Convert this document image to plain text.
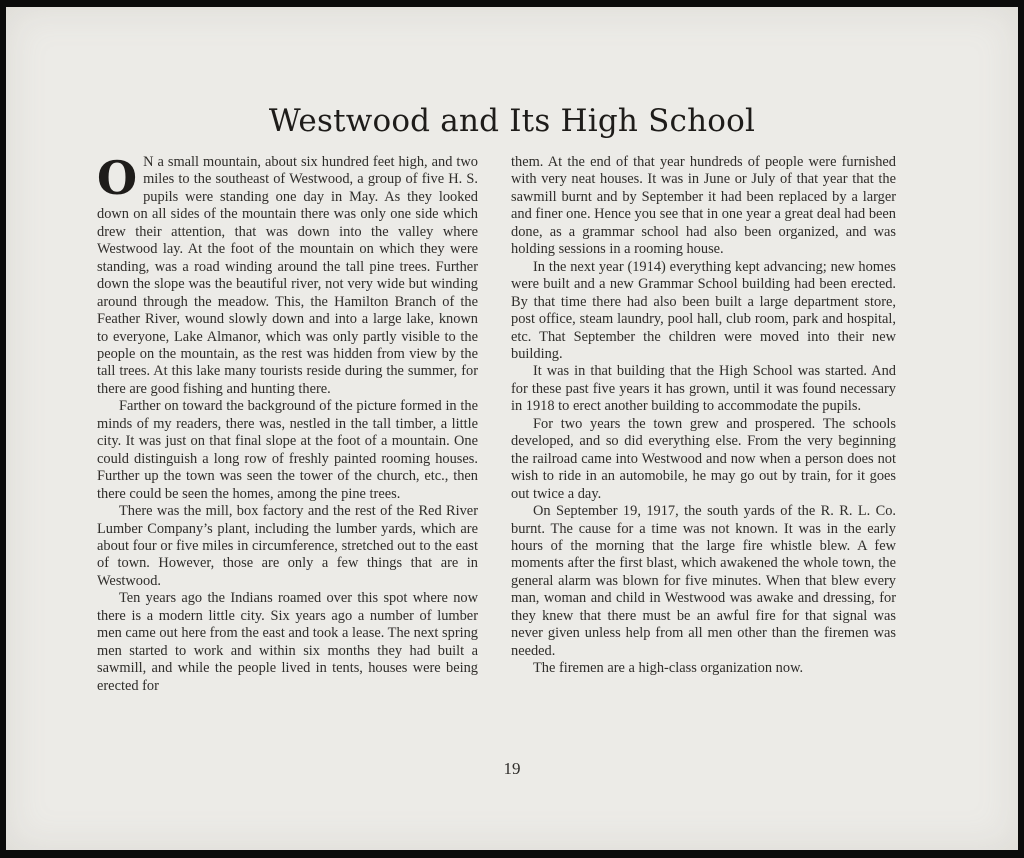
Westwood and Its High School

O N a small mountain, about six hundred feet high, and two miles to the southeast of Westwood, a group of five H. S. pupils were standing one day in May. As they looked down on all sides of the mountain there was only one side which drew their attention, that was down into the valley where Westwood lay. At the foot of the mountain on which they were standing, was a road winding around the tall pine trees. Further down the slope was the beautiful river, not very wide but winding around through the meadow. This, the Hamilton Branch of the Feather River, wound slowly down and into a large lake, known to everyone, Lake Almanor, which was only partly visible to the people on the mountain, as the rest was hidden from view by the tall trees. At this lake many tourists reside during the summer, for there are good fishing and hunting there.

Farther on toward the background of the picture formed in the minds of my readers, there was, nestled in the tall timber, a little city. It was just on that final slope at the foot of a mountain. One could distinguish a long row of freshly painted rooming houses. Further up the town was seen the tower of the church, etc., then there could be seen the homes, among the pine trees.

There was the mill, box factory and the rest of the Red River Lumber Company’s plant, including the lumber yards, which are about four or five miles in circumference, stretched out to the east of town. However, those are only a few things that are in Westwood.

Ten years ago the Indians roamed over this spot where now there is a modern little city. Six years ago a number of lumber men came out here from the east and took a lease. The next spring men started to work and within six months they had built a sawmill, and while the people lived in tents, houses were being erected for

them. At the end of that year hundreds of people were furnished with very neat houses. It was in June or July of that year that the sawmill burnt and by September it had been replaced by a larger and finer one. Hence you see that in one year a great deal had been done, as a grammar school had also been organized, and was holding sessions in a rooming house.

In the next year (1914) everything kept advancing; new homes were built and a new Grammar School building had been erected. By that time there had also been built a large department store, post office, steam laundry, pool hall, club room, park and hospital, etc. That September the children were moved into their new building.

It was in that building that the High School was started. And for these past five years it has grown, until it was found necessary in 1918 to erect another building to accommodate the pupils.

For two years the town grew and prospered. The schools developed, and so did everything else. From the very beginning the railroad came into Westwood and now when a person does not wish to ride in an automobile, he may go out by train, for it goes out twice a day.

On September 19, 1917, the south yards of the R. R. L. Co. burnt. The cause for a time was not known. It was in the early hours of the morning that the large fire whistle blew. A few moments after the first blast, which awakened the whole town, the general alarm was blown for five minutes. When that blew every man, woman and child in Westwood was awake and dressing, for they knew that there must be an awful fire for that signal was never given unless help from all men other than the firemen was needed.

The firemen are a high-class organization now.

19
